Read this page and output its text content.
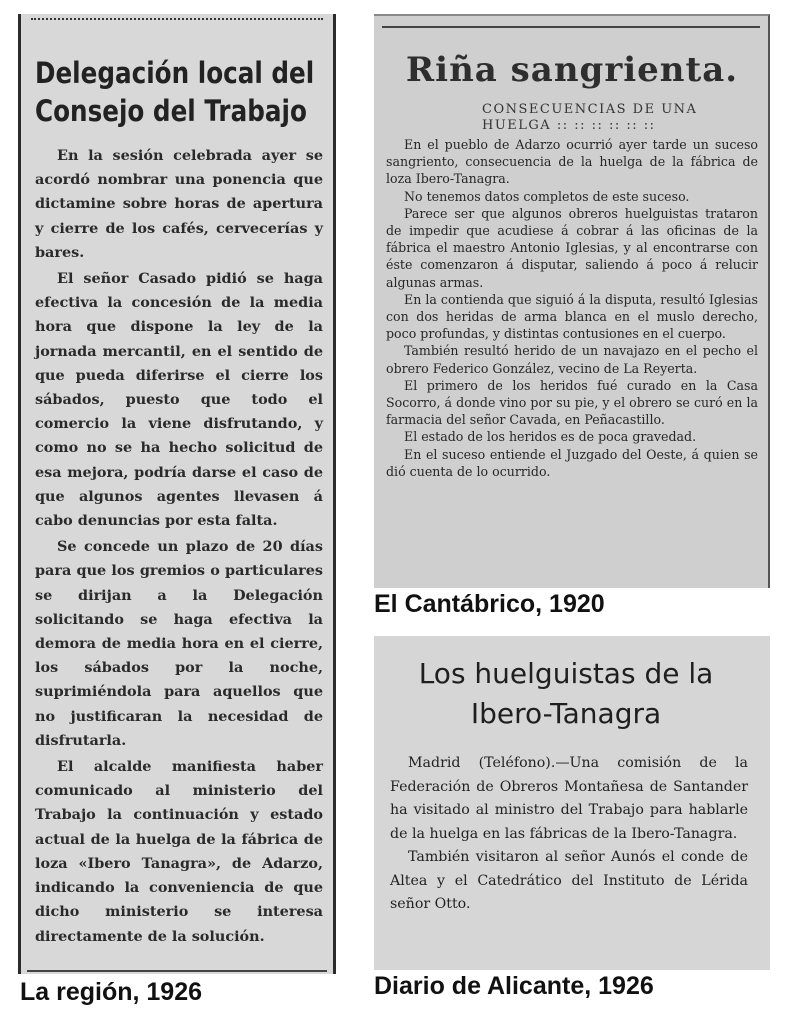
Delegación local del
Consejo del Trabajo

En la sesión celebrada ayer se acordó nombrar una ponencia que dictamine sobre horas de apertura y cierre de los cafés, cervecerías y bares.

El señor Casado pidió se haga efectiva la concesión de la media hora que dispone la ley de la jornada mercantil, en el sentido de que pueda diferirse el cierre los sábados, puesto que todo el comercio la viene disfrutando, y como no se ha hecho solicitud de esa mejora, podría darse el caso de que algunos agentes llevasen á cabo denuncias por esta falta.

Se concede un plazo de 20 días para que los gremios o particulares se dirijan a la Delegación solicitando se haga efectiva la demora de media hora en el cierre, los sábados por la noche, suprimiéndola para aquellos que no justificaran la necesidad de disfrutarla.

El alcalde manifiesta haber comunicado al ministerio del Trabajo la continuación y estado actual de la huelga de la fábrica de loza «Ibero Tanagra», de Adarzo, indicando la conveniencia de que dicho ministerio se interesa directamente de la solución.

La región, 1926
Riña sangrienta.
CONSECUENCIAS DE UNA
HUELGA :: :: :: :: :: ::

En el pueblo de Adarzo ocurrió ayer tarde un suceso sangriento, consecuencia de la huelga de la fábrica de loza Ibero-Tanagra.

No tenemos datos completos de este suceso.

Parece ser que algunos obreros huelguistas trataron de impedir que acudiese á cobrar á las oficinas de la fábrica el maestro Antonio Iglesias, y al encontrarse con éste comenzaron á disputar, saliendo á poco á relucir algunas armas.

En la contienda que siguió á la disputa, resultó Iglesias con dos heridas de arma blanca en el muslo derecho, poco profundas, y distintas contusiones en el cuerpo.

También resultó herido de un navajazo en el pecho el obrero Federico González, vecino de La Reyerta.

El primero de los heridos fué curado en la Casa Socorro, á donde vino por su pie, y el obrero se curó en la farmacia del señor Cavada, en Peñacastillo.

El estado de los heridos es de poca gravedad.

En el suceso entiende el Juzgado del Oeste, á quien se dió cuenta de lo ocurrido.

El Cantábrico, 1920
Los huelguistas de la
Ibero-Tanagra

Madrid (Teléfono).—Una comisión de la Federación de Obreros Montañesa de Santander ha visitado al ministro del Trabajo para hablarle de la huelga en las fábricas de la Ibero-Tanagra.

También visitaron al señor Aunós el conde de Altea y el Catedrático del Instituto de Lérida señor Otto.

Diario de Alicante, 1926
